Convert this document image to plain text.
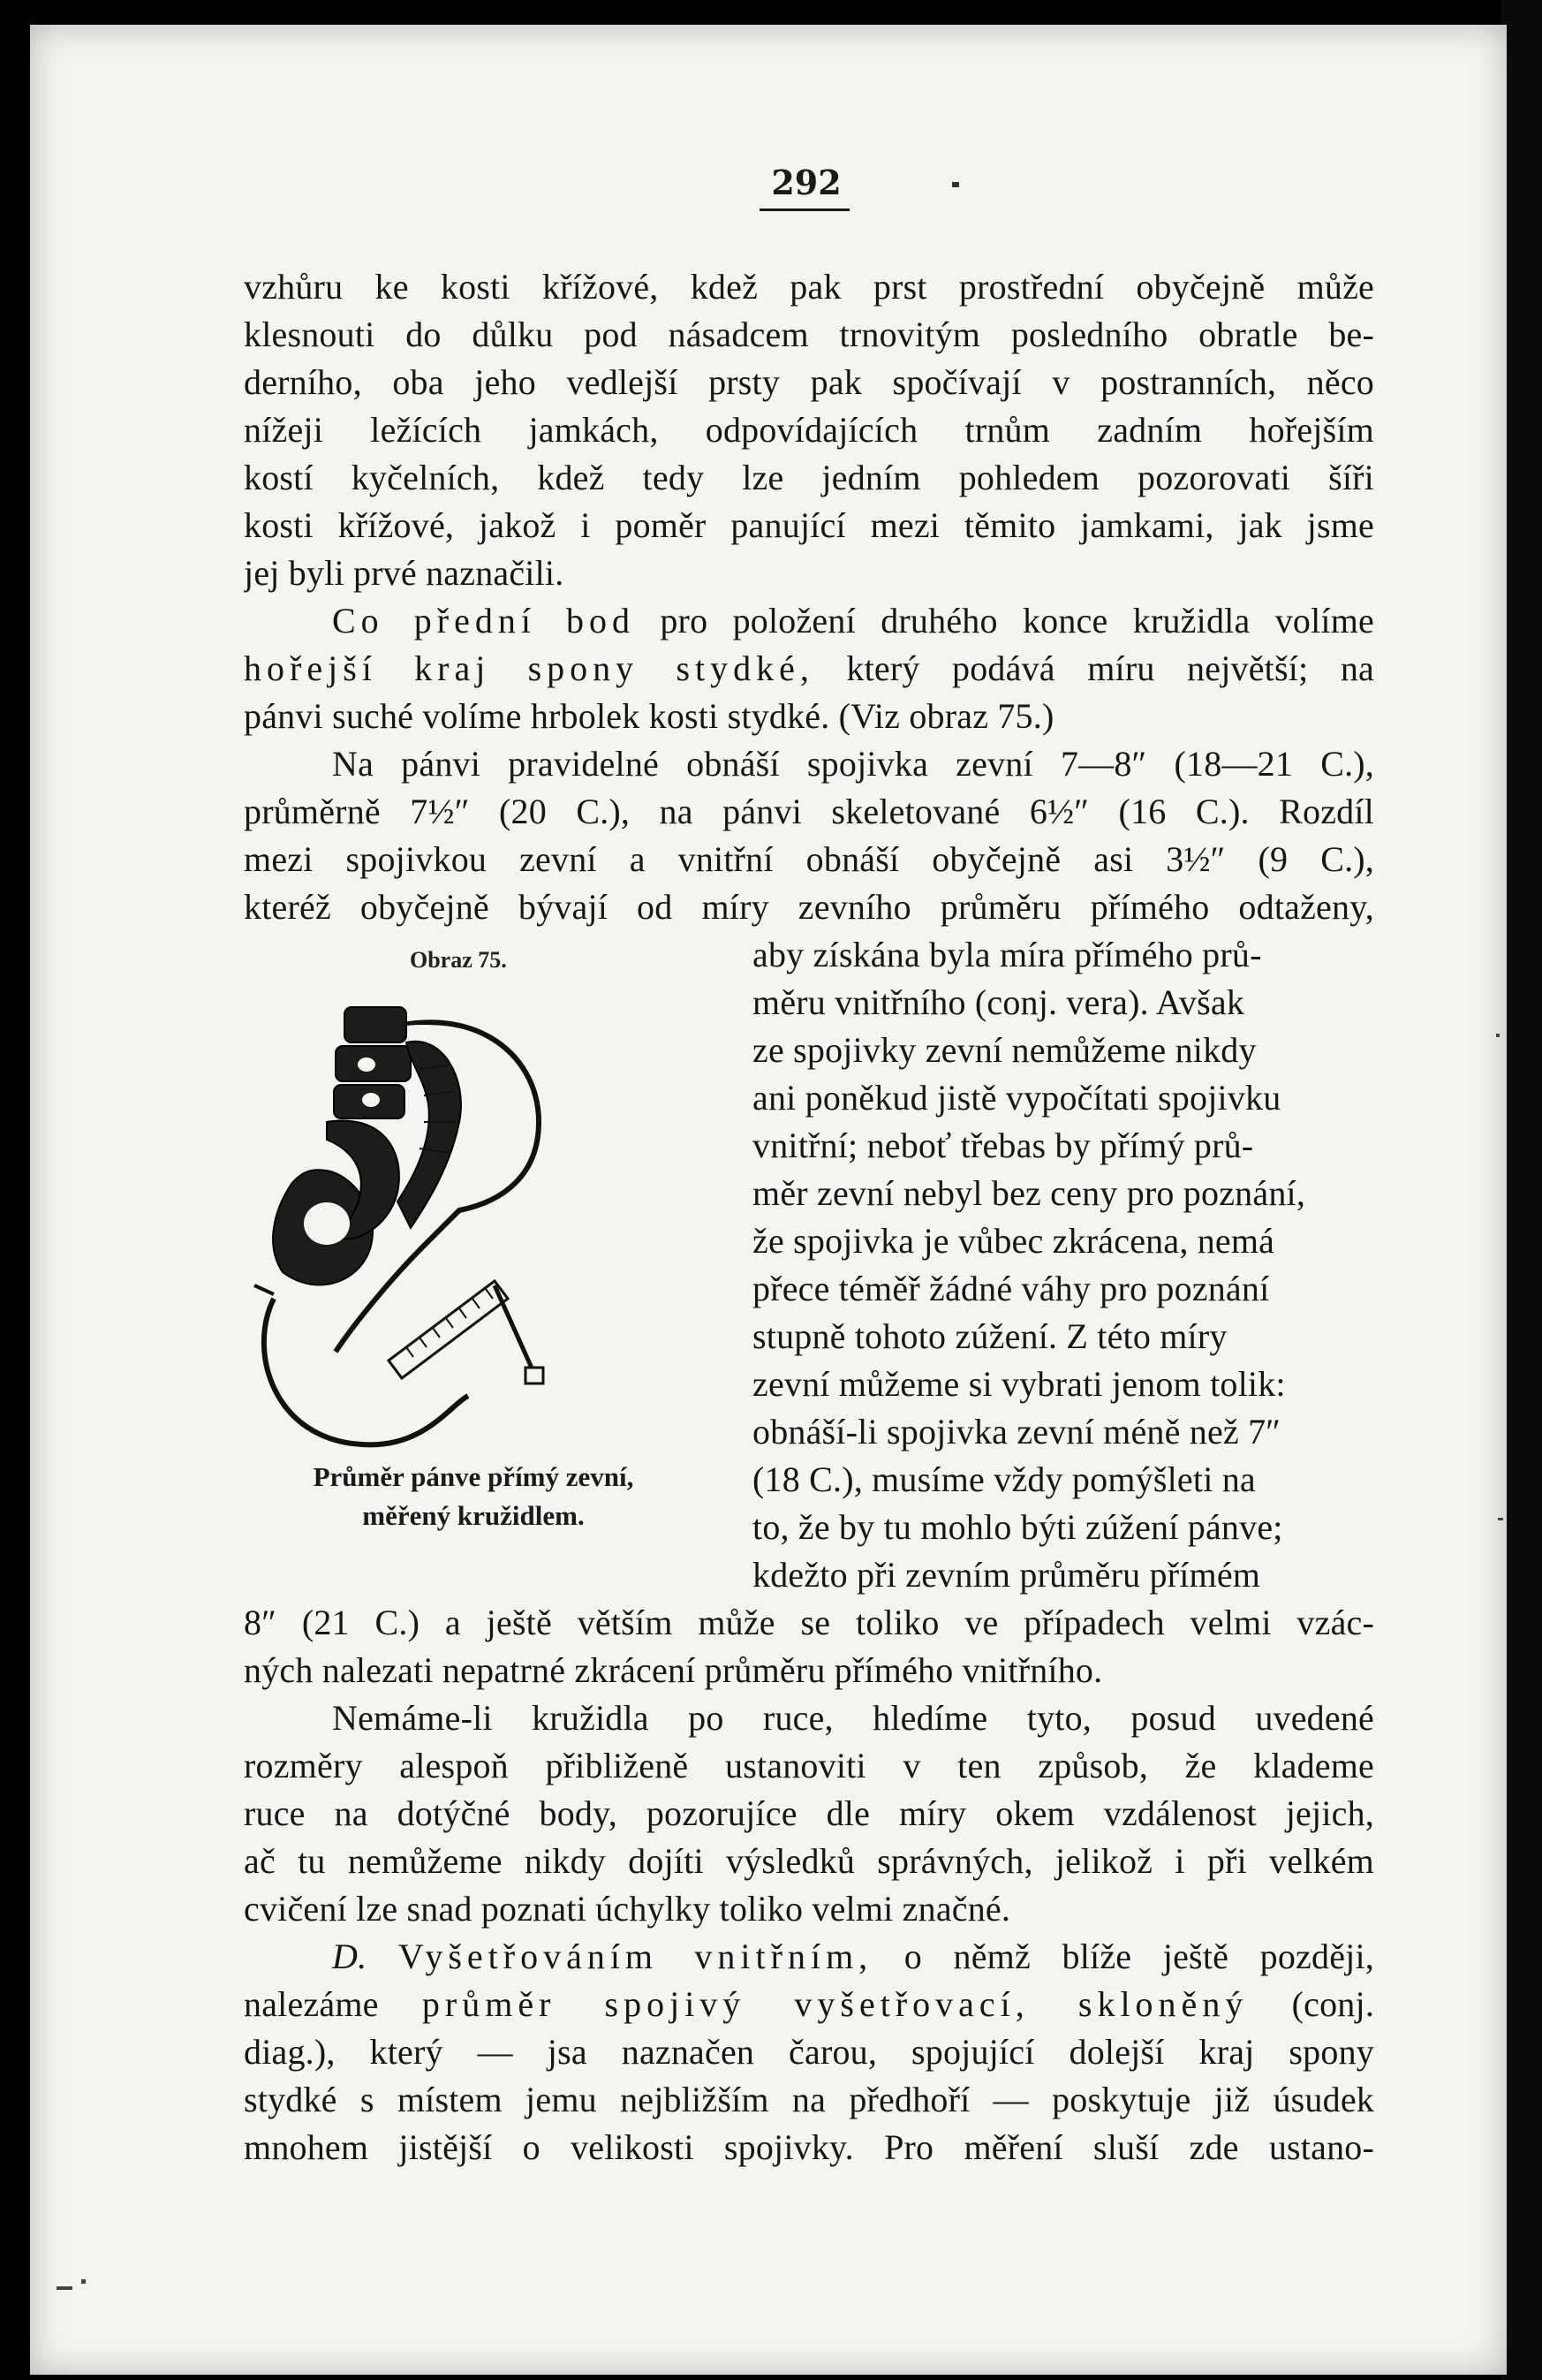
292
vzhůru ke kosti křížové, kdež pak prst prostřední obyčejně může
klesnouti do důlku pod násadcem trnovitým posledního obratle be-
derního, oba jeho vedlejší prsty pak spočívají v postranních, něco
nížeji ležících jamkách, odpovídajících trnům zadním hořejším
kostí kyčelních, kdež tedy lze jedním pohledem pozorovati šíři
kosti křížové, jakož i poměr panující mezi těmito jamkami, jak jsme
jej byli prvé naznačili.
Co přední bod pro položení druhého konce kružidla volíme
hořejší kraj spony stydké, který podává míru největší; na
pánvi suché volíme hrbolek kosti stydké. (Viz obraz 75.)
Na pánvi pravidelné obnáší spojivka zevní 7—8″ (18—21 C.),
průměrně 7½″ (20 C.), na pánvi skeletované 6½″ (16 C.). Rozdíl
mezi spojivkou zevní a vnitřní obnáší obyčejně asi 3½″ (9 C.),
kteréž obyčejně bývají od míry zevního průměru přímého odtaženy,
aby získána byla míra přímého prů-
měru vnitřního (conj. vera). Avšak
ze spojivky zevní nemůžeme nikdy
ani poněkud jistě vypočítati spojivku
vnitřní; neboť třebas by přímý prů-
měr zevní nebyl bez ceny pro poznání,
že spojivka je vůbec zkrácena, nemá
přece téměř žádné váhy pro poznání
stupně tohoto zúžení. Z této míry
zevní můžeme si vybrati jenom tolik:
obnáší-li spojivka zevní méně než 7″
(18 C.), musíme vždy pomýšleti na
to, že by tu mohlo býti zúžení pánve;
kdežto při zevním průměru přímém
Obraz 75.
Průměr pánve přímý zevní,
měřený kružidlem.
8″ (21 C.) a ještě větším může se toliko ve případech velmi vzác-
ných nalezati nepatrné zkrácení průměru přímého vnitřního.
Nemáme-li kružidla po ruce, hledíme tyto, posud uvedené
rozměry alespoň přibliženě ustanoviti v ten způsob, že klademe
ruce na dotýčné body, pozorujíce dle míry okem vzdálenost jejich,
ač tu nemůžeme nikdy dojíti výsledků správných, jelikož i při velkém
cvičení lze snad poznati úchylky toliko velmi značné.
D. Vyšetřováním vnitřním, o němž blíže ještě později,
nalezáme průměr spojivý vyšetřovací, skloněný (conj.
diag.), který — jsa naznačen čarou, spojující dolejší kraj spony
stydké s místem jemu nejbližším na předhoří — poskytuje již úsudek
mnohem jistější o velikosti spojivky. Pro měření sluší zde ustano-
